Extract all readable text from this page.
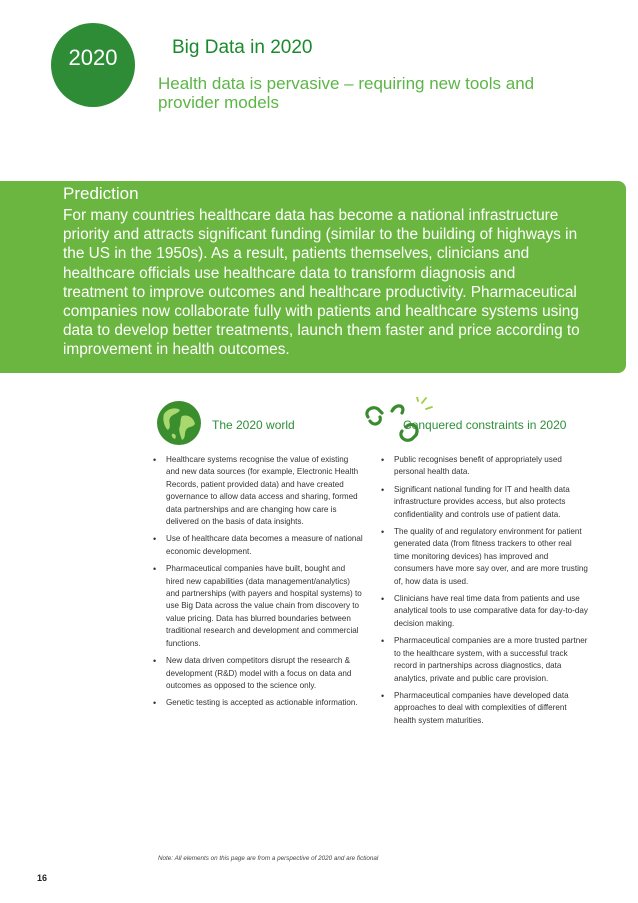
2020	Big Data in 2020
Health data is pervasive – requiring new tools and provider models
Prediction
For many countries healthcare data has become a national infrastructure priority and attracts significant funding (similar to the building of highways in the US in the 1950s). As a result, patients themselves, clinicians and healthcare officials use healthcare data to transform diagnosis and treatment to improve outcomes and healthcare productivity. Pharmaceutical companies now collaborate fully with patients and healthcare systems using data to develop better treatments, launch them faster and price according to improvement in health outcomes.
The 2020 world	Conquered constraints in 2020
• Healthcare systems recognise the value of existing and new data sources (for example, Electronic Health Records, patient provided data) and have created governance to allow data access and sharing, formed data partnerships and are changing how care is delivered on the basis of data insights.
• Use of healthcare data becomes a measure of national economic development.
• Pharmaceutical companies have built, bought and hired new capabilities (data management/analytics) and partnerships (with payers and hospital systems) to use Big Data across the value chain from discovery to value pricing. Data has blurred boundaries between traditional research and development and commercial functions.
• New data driven competitors disrupt the research & development (R&D) model with a focus on data and outcomes as opposed to the science only.
• Genetic testing is accepted as actionable information.
• Public recognises benefit of appropriately used personal health data.
• Significant national funding for IT and health data infrastructure provides access, but also protects confidentiality and controls use of patient data.
• The quality of and regulatory environment for patient generated data (from fitness trackers to other real time monitoring devices) has improved and consumers have more say over, and are more trusting of, how data is used.
• Clinicians have real time data from patients and use analytical tools to use comparative data for day-to-day decision making.
• Pharmaceutical companies are a more trusted partner to the healthcare system, with a successful track record in partnerships across diagnostics, data analytics, private and public care provision.
• Pharmaceutical companies have developed data approaches to deal with complexities of different health system maturities.
Note: All elements on this page are from a perspective of 2020 and are fictional
16
